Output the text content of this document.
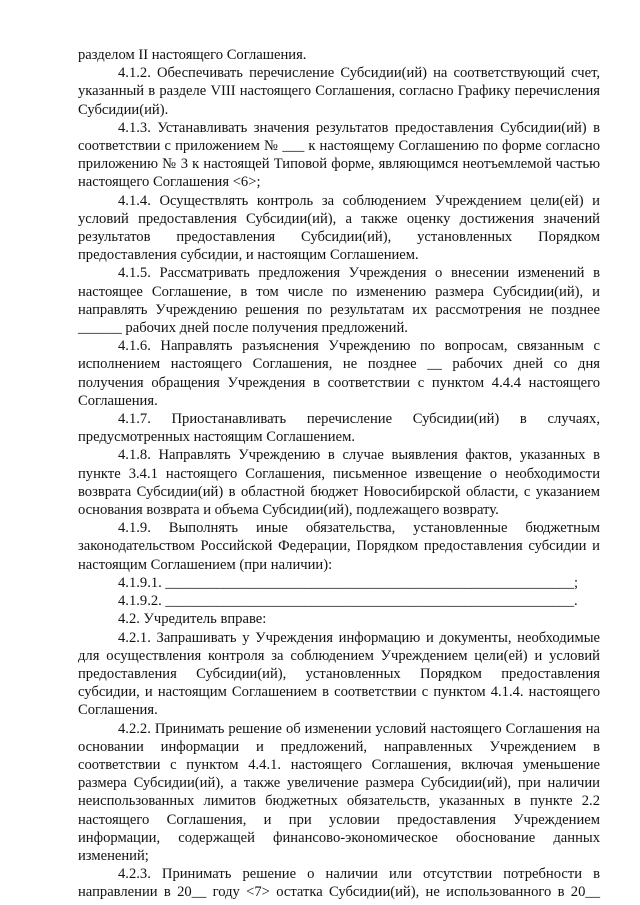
разделом II настоящего Соглашения.

4.1.2. Обеспечивать перечисление Субсидии(ий) на соответствующий счет, указанный в разделе VIII настоящего Соглашения, согласно Графику перечисления Субсидии(ий).

4.1.3. Устанавливать значения результатов предоставления Субсидии(ий) в соответствии с приложением № ___ к настоящему Соглашению по форме согласно приложению № 3 к настоящей Типовой форме, являющимся неотъемлемой частью настоящего Соглашения <6>;

4.1.4. Осуществлять контроль за соблюдением Учреждением цели(ей) и условий предоставления Субсидии(ий), а также оценку достижения значений результатов предоставления Субсидии(ий), установленных Порядком предоставления субсидии, и настоящим Соглашением.

4.1.5. Рассматривать предложения Учреждения о внесении изменений в настоящее Соглашение, в том числе по изменению размера Субсидии(ий), и направлять Учреждению решения по результатам их рассмотрения не позднее ______ рабочих дней после получения предложений.

4.1.6. Направлять разъяснения Учреждению по вопросам, связанным с исполнением настоящего Соглашения, не позднее __ рабочих дней со дня получения обращения Учреждения в соответствии с пунктом 4.4.4 настоящего Соглашения.

4.1.7. Приостанавливать перечисление Субсидии(ий) в случаях, предусмотренных настоящим Соглашением.

4.1.8. Направлять Учреждению в случае выявления фактов, указанных в пункте 3.4.1 настоящего Соглашения, письменное извещение о необходимости возврата Субсидии(ий) в областной бюджет Новосибирской области, с указанием основания возврата и объема Субсидии(ий), подлежащего возврату.

4.1.9. Выполнять иные обязательства, установленные бюджетным законодательством Российской Федерации, Порядком предоставления субсидии и настоящим Соглашением (при наличии):

4.1.9.1. ________________________________________________________;

4.1.9.2. ________________________________________________________.

4.2. Учредитель вправе:

4.2.1. Запрашивать у Учреждения информацию и документы, необходимые для осуществления контроля за соблюдением Учреждением цели(ей) и условий предоставления Субсидии(ий), установленных Порядком предоставления субсидии, и настоящим Соглашением в соответствии с пунктом 4.1.4. настоящего Соглашения.

4.2.2. Принимать решение об изменении условий настоящего Соглашения на основании информации и предложений, направленных Учреждением в соответствии с пунктом 4.4.1. настоящего Соглашения, включая уменьшение размера Субсидии(ий), а также увеличение размера Субсидии(ий), при наличии неиспользованных лимитов бюджетных обязательств, указанных в пункте 2.2 настоящего Соглашения, и при условии предоставления Учреждением информации, содержащей финансово-экономическое обоснование данных изменений;

4.2.3. Принимать решение о наличии или отсутствии потребности в направлении в 20__ году <7> остатка Субсидии(ий), не использованного в 20__
